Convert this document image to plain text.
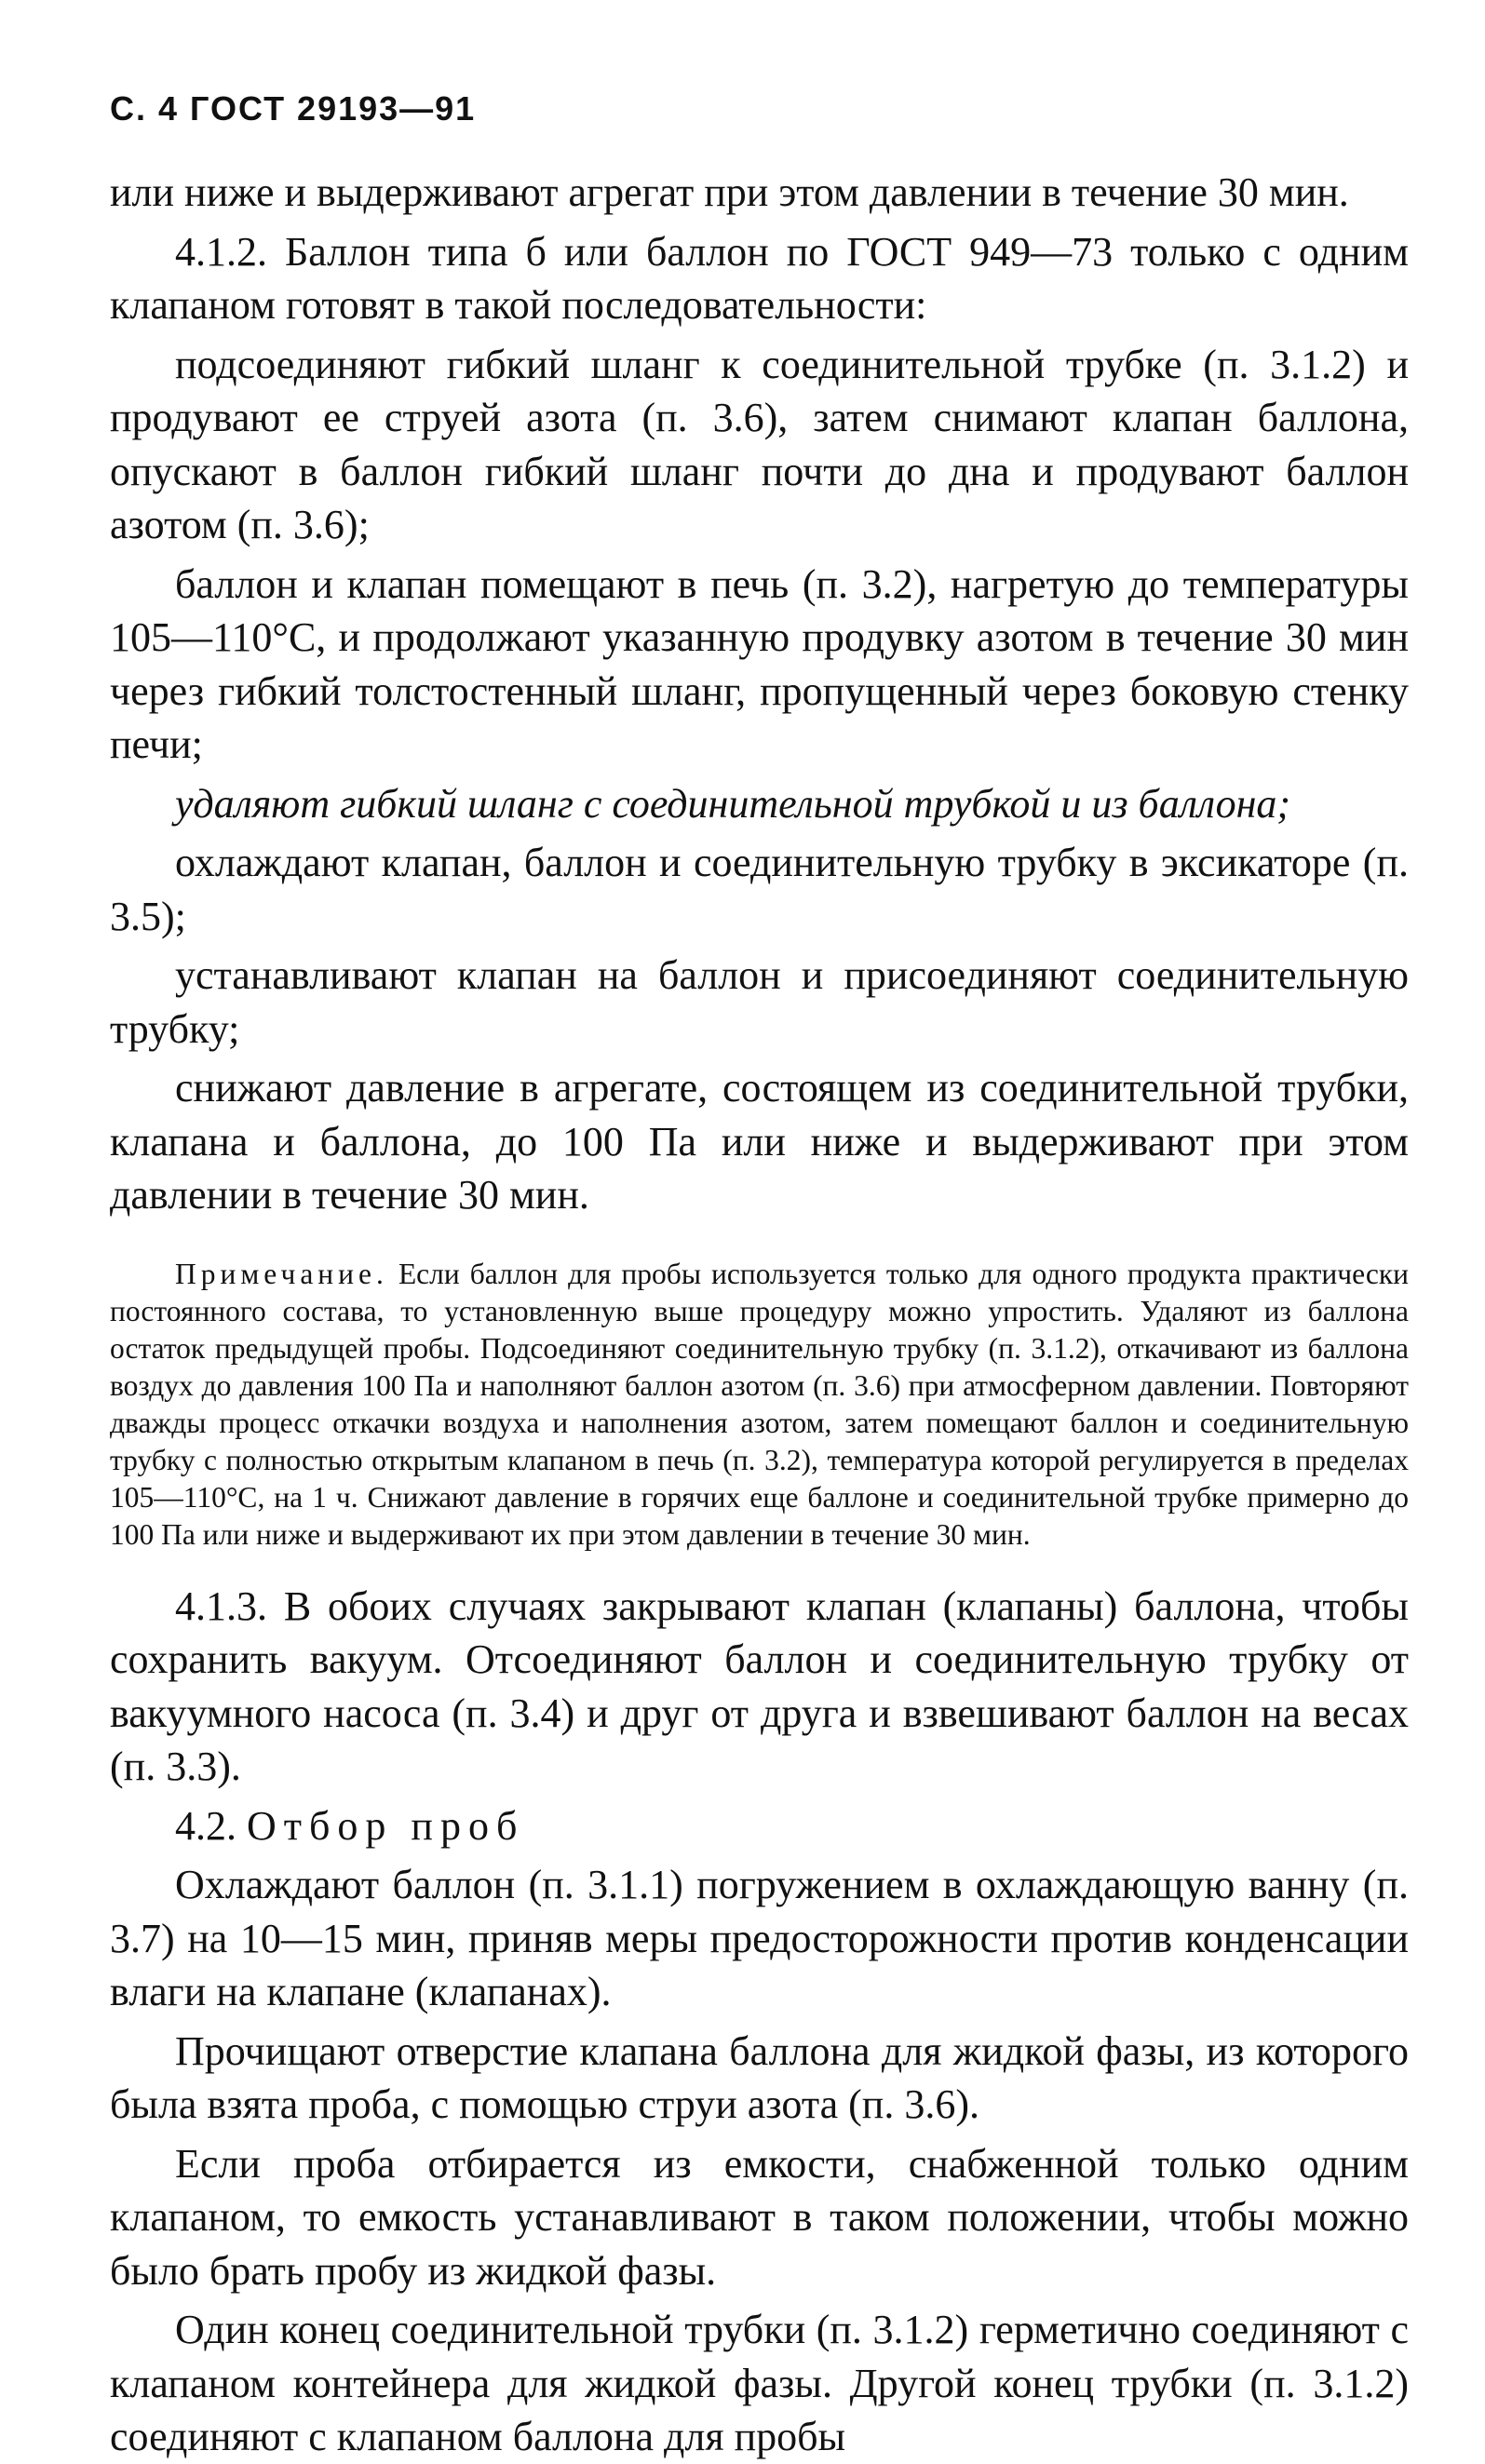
С. 4 ГОСТ 29193—91

или ниже и выдерживают агрегат при этом давлении в течение 30 мин.

4.1.2. Баллон типа б или баллон по ГОСТ 949—73 только с одним клапаном готовят в такой последовательности:

подсоединяют гибкий шланг к соединительной трубке (п. 3.1.2) и продувают ее струей азота (п. 3.6), затем снимают клапан баллона, опускают в баллон гибкий шланг почти до дна и продувают баллон азотом (п. 3.6);

баллон и клапан помещают в печь (п. 3.2), нагретую до температуры 105—110°С, и продолжают указанную продувку азотом в течение 30 мин через гибкий толстостенный шланг, пропущенный через боковую стенку печи;

удаляют гибкий шланг с соединительной трубкой и из баллона;

охлаждают клапан, баллон и соединительную трубку в эксикаторе (п. 3.5);

устанавливают клапан на баллон и присоединяют соединительную трубку;

снижают давление в агрегате, состоящем из соединительной трубки, клапана и баллона, до 100 Па или ниже и выдерживают при этом давлении в течение 30 мин.

Примечание. Если баллон для пробы используется только для одного продукта практически постоянного состава, то установленную выше процедуру можно упростить. Удаляют из баллона остаток предыдущей пробы. Подсоединяют соединительную трубку (п. 3.1.2), откачивают из баллона воздух до давления 100 Па и наполняют баллон азотом (п. 3.6) при атмосферном давлении. Повторяют дважды процесс откачки воздуха и наполнения азотом, затем помещают баллон и соединительную трубку с полностью открытым клапаном в печь (п. 3.2), температура которой регулируется в пределах 105—110°С, на 1 ч. Снижают давление в горячих еще баллоне и соединительной трубке примерно до 100 Па или ниже и выдерживают их при этом давлении в течение 30 мин.

4.1.3. В обоих случаях закрывают клапан (клапаны) баллона, чтобы сохранить вакуум. Отсоединяют баллон и соединительную трубку от вакуумного насоса (п. 3.4) и друг от друга и взвешивают баллон на весах (п. 3.3).

4.2. Отбор проб

Охлаждают баллон (п. 3.1.1) погружением в охлаждающую ванну (п. 3.7) на 10—15 мин, приняв меры предосторожности против конденсации влаги на клапане (клапанах).

Прочищают отверстие клапана баллона для жидкой фазы, из которого была взята проба, с помощью струи азота (п. 3.6).

Если проба отбирается из емкости, снабженной только одним клапаном, то емкость устанавливают в таком положении, чтобы можно было брать пробу из жидкой фазы.

Один конец соединительной трубки (п. 3.1.2) герметично соединяют с клапаном контейнера для жидкой фазы. Другой конец трубки (п. 3.1.2) соединяют с клапаном баллона для пробы
